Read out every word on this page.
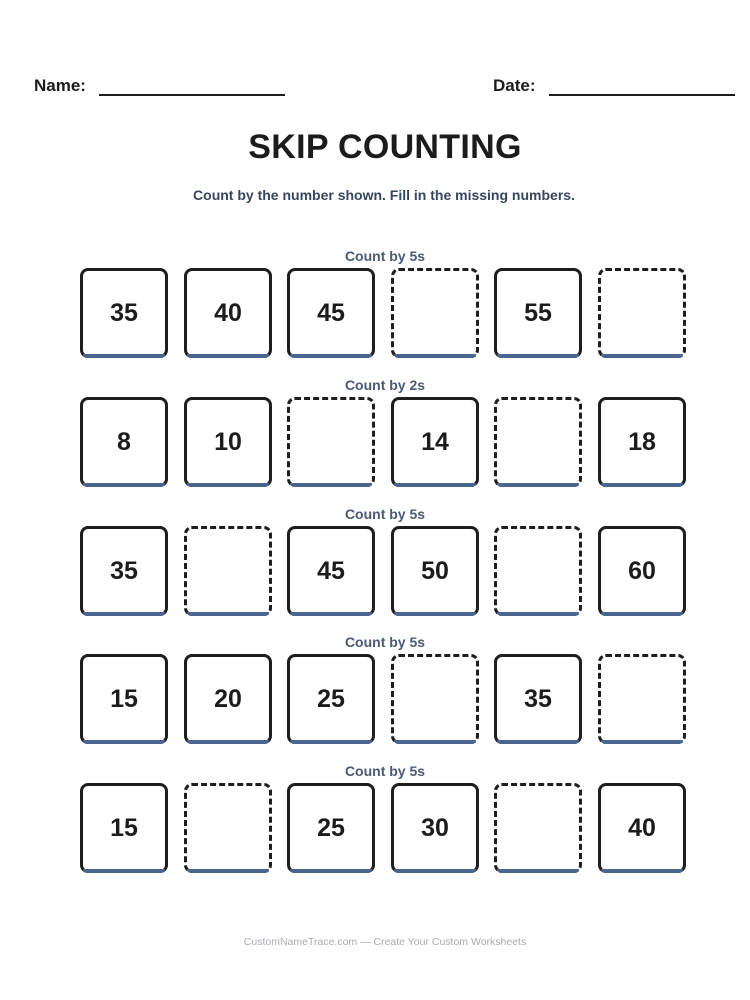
Name:	Date:
SKIP COUNTING
Count by the number shown. Fill in the missing numbers.
Count by 5s
35	40	45	55
Count by 2s
8	10	14	18
Count by 5s
35	45	50	60
Count by 5s
15	20	25	35
Count by 5s
15	25	30	40
CustomNameTrace.com — Create Your Custom Worksheets
